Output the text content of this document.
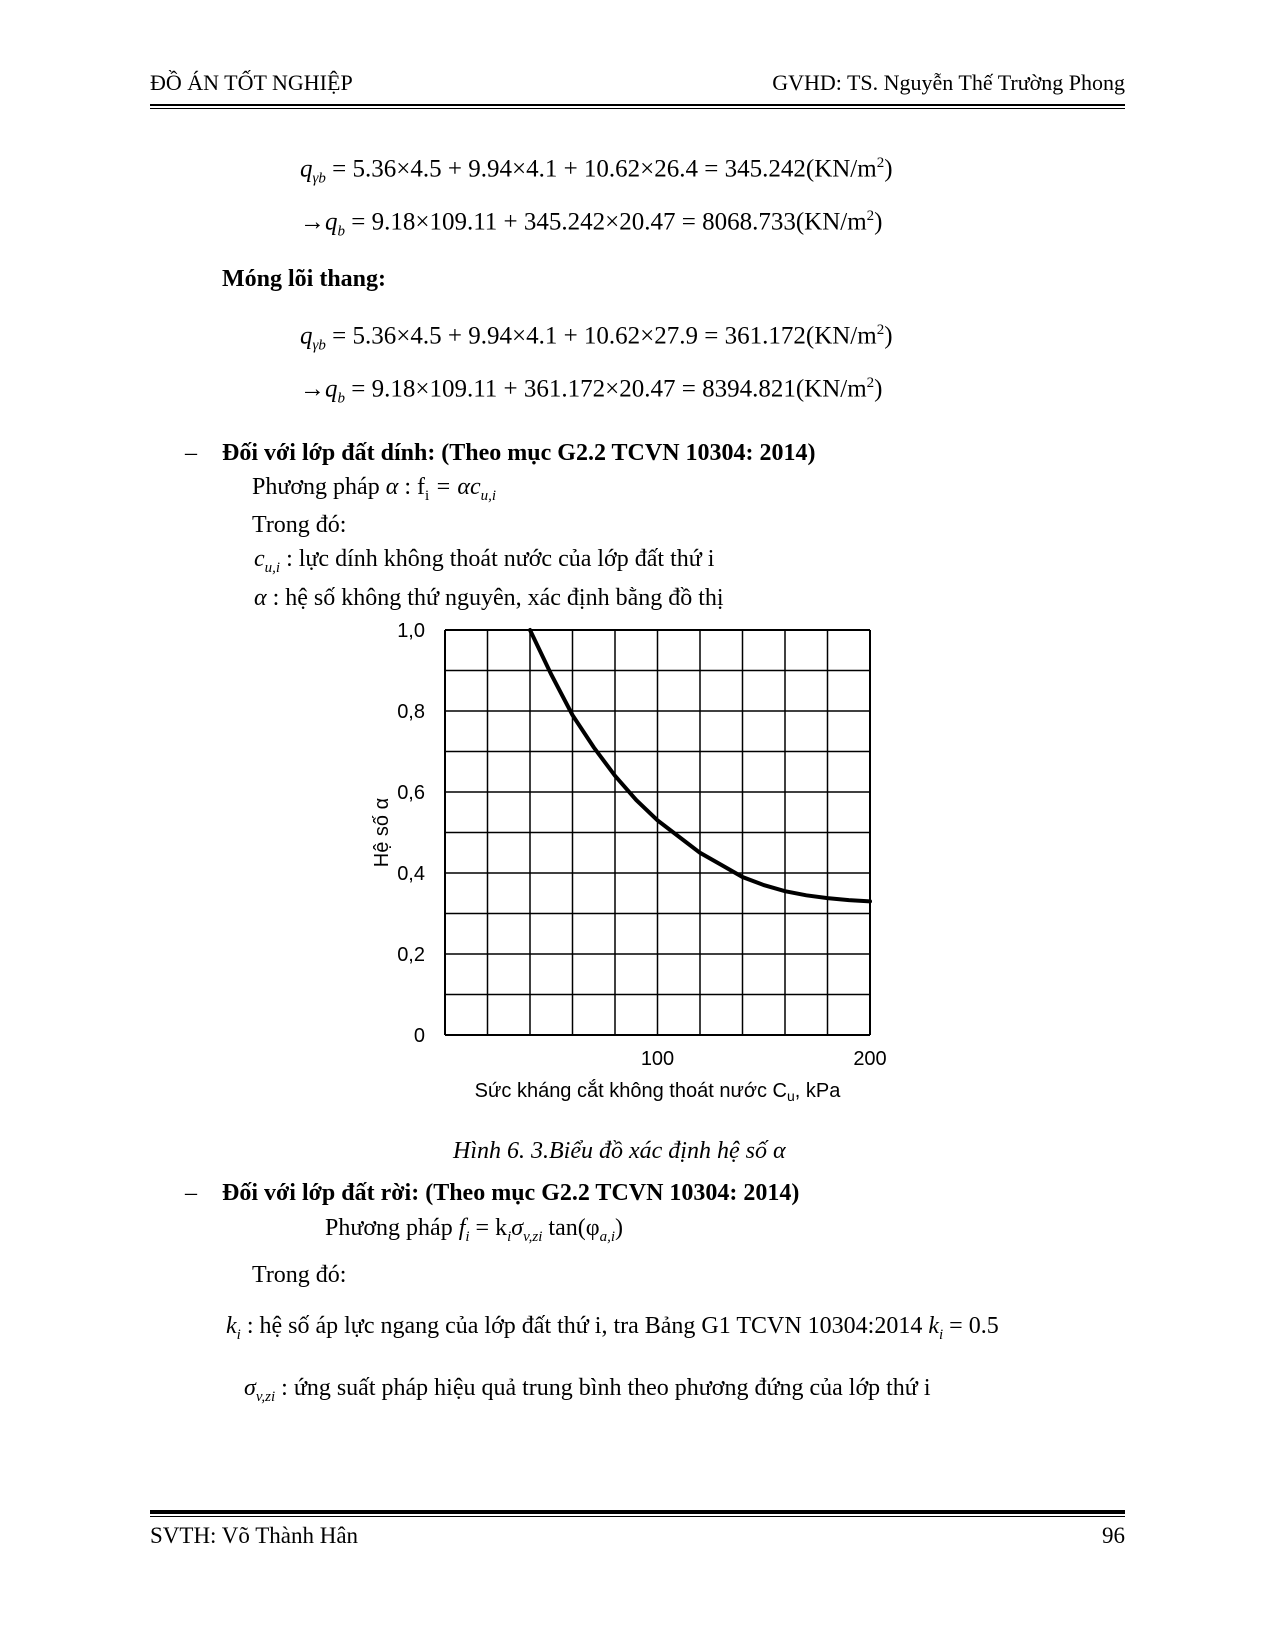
ĐỒ ÁN TỐT NGHIỆP	GVHD: TS. Nguyễn Thế Trường Phong
$q_{\gamma b} = 5.36\times 4.5 + 9.94\times 4.1 + 10.62\times 26.4 = 345.242(KN/m^2)$
$\to q_b = 9.18\times 109.11 + 345.242\times 20.47 = 8068.733(KN/m^2)$
Móng lõi thang:
$q_{\gamma b} = 5.36\times 4.5 + 9.94\times 4.1 + 10.62\times 27.9 = 361.172(KN/m^2)$
$\to q_b = 9.18\times 109.11 + 361.172\times 20.47 = 8394.821(KN/m^2)$
– Đối với lớp đất dính: (Theo mục G2.2 TCVN 10304: 2014)
Phương pháp α : $f_i = \alpha c_{u,i}$
Trong đó:
$c_{u,i}$ : lực dính không thoát nước của lớp đất thứ i
α : hệ số không thứ nguyên, xác định bằng đồ thị
0
0,2
0,4
0,6
0,8
1,0
100	200
Hệ số α
Sức kháng cắt không thoát nước $C_u$, kPa
Hình 6. 3.Biểu đồ xác định hệ số α
– Đối với lớp đất rời: (Theo mục G2.2 TCVN 10304: 2014)
Phương pháp $f_i = k_i\sigma_{v,zi}$ $\tan(\varphi_{a,i})$
Trong đó:
$k_i$ : hệ số áp lực ngang của lớp đất thứ i, tra Bảng G1 TCVN 10304:2014 $k_i = 0.5$
$\sigma_{v,zi}$ : ứng suất pháp hiệu quả trung bình theo phương đứng của lớp thứ i
SVTH: Võ Thành Hân	96
